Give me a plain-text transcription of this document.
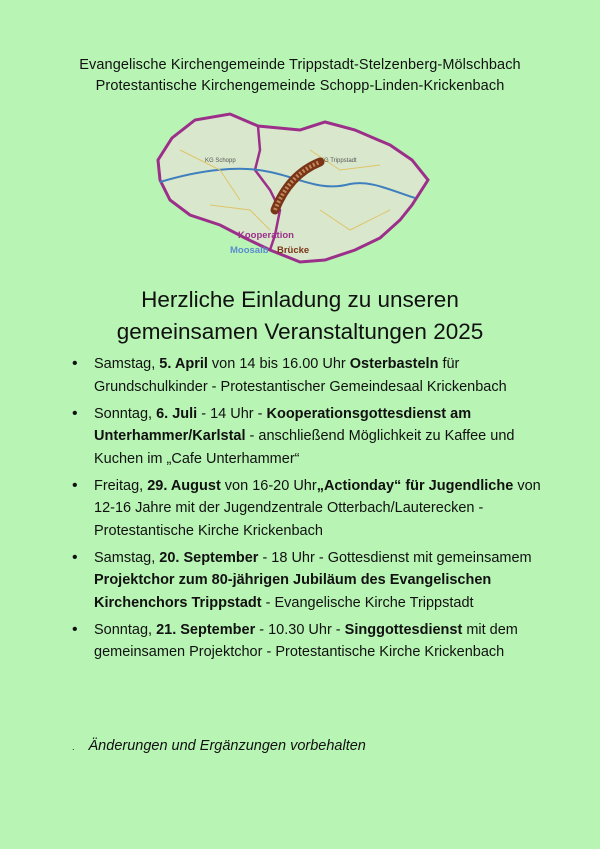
Evangelische Kirchengemeinde Trippstadt-Stelzenberg-Mölschbach
Protestantische Kirchengemeinde Schopp-Linden-Krickenbach
KG Schopp	KG Trippstadt
Kooperation
Moosalb Brücke
Herzliche Einladung zu unseren
gemeinsamen Veranstaltungen 2025
• Samstag, 5. April von 14 bis 16.00 Uhr Osterbasteln für Grundschulkinder - Protestantischer Gemeindesaal Krickenbach
• Sonntag, 6. Juli - 14 Uhr - Kooperationsgottesdienst am Unterhammer/Karlstal - anschließend Möglichkeit zu Kaffee und Kuchen im „Cafe Unterhammer“
• Freitag, 29. August von 16-20 Uhr„Actionday“ für Jugendliche von 12-16 Jahre mit der Jugendzentrale Otterbach/Lauterecken - Protestantische Kirche Krickenbach
• Samstag, 20. September - 18 Uhr - Gottesdienst mit gemeinsamem Projektchor zum 80-jährigen Jubiläum des Evangelischen Kirchenchors Trippstadt - Evangelische Kirche Trippstadt
• Sonntag, 21. September - 10.30 Uhr - Singgottesdienst mit dem gemeinsamen Projektchor - Protestantische Kirche Krickenbach
. Änderungen und Ergänzungen vorbehalten
